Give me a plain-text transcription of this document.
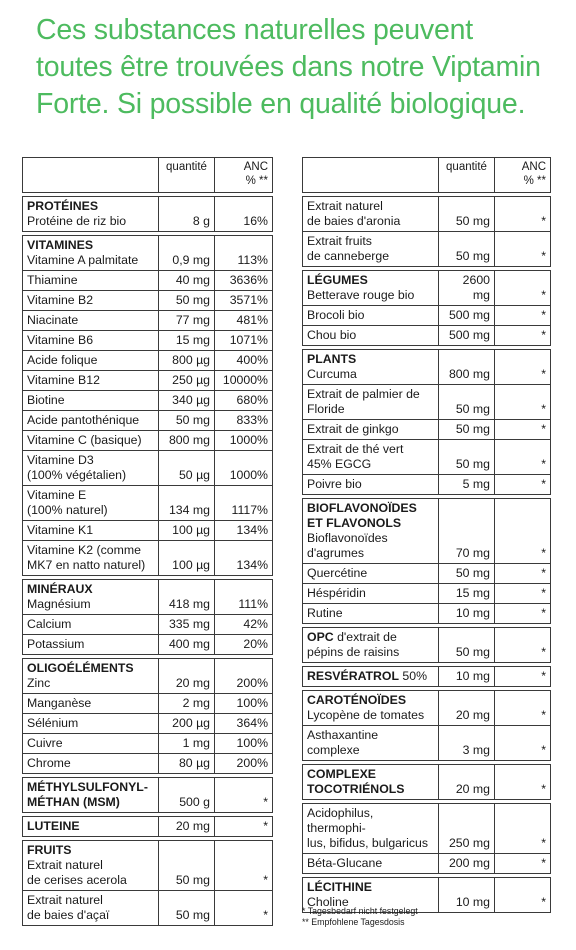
Ces substances naturelles peuvent toutes être trouvées dans notre Viptamin Forte. Si possible en qualité biologique.
	quantité	ANC
% **

PROTÉINES
Protéine de riz bio	8 g	16%

VITAMINES
Vitamine A palmitate	0,9 mg	113%

Thiamine	40 mg	3636%

Vitamine B2	50 mg	3571%

Niacinate	77 mg	481%

Vitamine B6	15 mg	1071%

Acide folique	800 µg	400%

Vitamine B12	250 µg	10000%

Biotine	340 µg	680%

Acide pantothénique	50 mg	833%

Vitamine C (basique)	800 mg	1000%

Vitamine D3
(100% végétalien)	50 µg	1000%

Vitamine E
(100% naturel)	134 mg	1117%

Vitamine K1	100 µg	134%

Vitamine K2 (comme
MK7 en natto naturel)	100 µg	134%

MINÉRAUX
Magnésium	418 mg	111%

Calcium	335 mg	42%

Potassium	400 mg	20%

OLIGOÉLÉMENTS
Zinc	20 mg	200%

Manganèse	2 mg	100%

Sélénium	200 µg	364%

Cuivre	1 mg	100%

Chrome	80 µg	200%

MÉTHYLSULFONYL-
MÉTHAN (MSM)	500 g	*

LUTEINE	20 mg	*

FRUITS
Extrait naturel
de cerises acerola	50 mg	*

Extrait naturel
de baies d'açaï	50 mg	*
	quantité	ANC
% **

Extrait naturel
de baies d'aronia	50 mg	*

Extrait fruits
de canneberge	50 mg	*

LÉGUMES
Betterave rouge bio	2600 mg	*

Brocoli bio	500 mg	*

Chou bio	500 mg	*

PLANTS
Curcuma	800 mg	*

Extrait de palmier de
Floride	50 mg	*

Extrait de ginkgo	50 mg	*

Extrait de thé vert
45% EGCG	50 mg	*

Poivre bio	5 mg	*

BIOFLAVONOÏDES
ET FLAVONOLS
Bioflavonoïdes
d'agrumes	70 mg	*

Quercétine	50 mg	*

Héspéridin	15 mg	*

Rutine	10 mg	*

OPC d'extrait de
pépins de raisins	50 mg	*

RESVÉRATROL 50%	10 mg	*

CAROTÉNOÏDES
Lycopène de tomates	20 mg	*

Asthaxantine complexe	3 mg	*

COMPLEXE
TOCOTRIÉNOLS	20 mg	*

Acidophilus, thermophi-
lus, bifidus, bulgaricus	250 mg	*

Béta-Glucane	200 mg	*

LÉCITHINE
Choline	10 mg	*
* Tagesbedarf nicht festgelegt
** Empfohlene Tagesdosis
